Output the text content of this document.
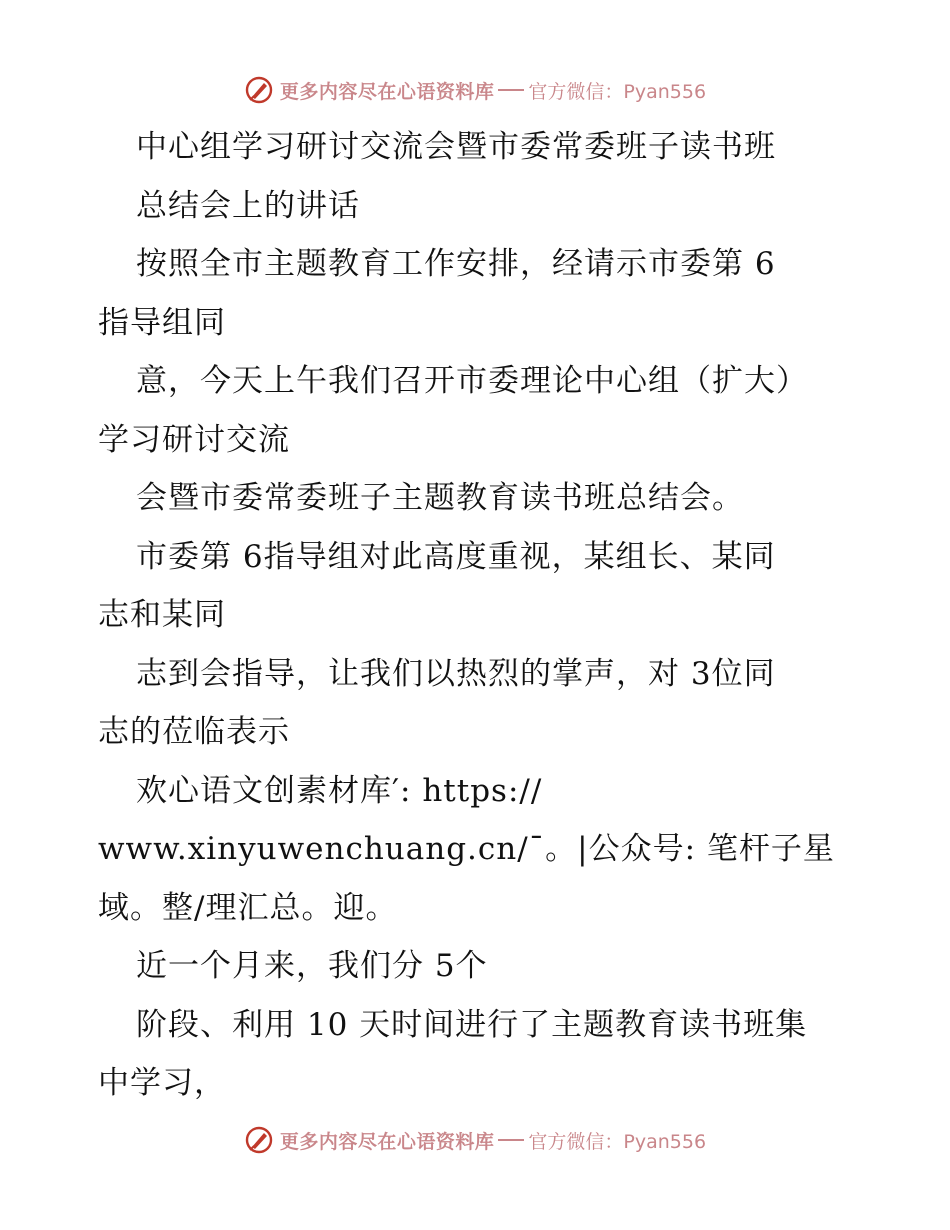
更多内容尽在心语资料库 官方微信：Pyan556
中心组学习研讨交流会暨市委常委班子读书班
总结会上的讲话
按照全市主题教育工作安排，经请示市委第 6
指导组同
意，今天上午我们召开市委理论中心组（扩大）
学习研讨交流
会暨市委常委班子主题教育读书班总结会。
市委第 6指导组对此高度重视，某组长、某同
志和某同
志到会指导，让我们以热烈的掌声，对 3位同
志的莅临表示
欢心语文创素材库′: https://
www.xinyuwenchuang.cn/¯。|公众号: 笔杆子星
域。整/理汇总。迎。
近一个月来，我们分 5个
阶段、利用 10 天时间进行了主题教育读书班集
中学习，
更多内容尽在心语资料库 官方微信：Pyan556
